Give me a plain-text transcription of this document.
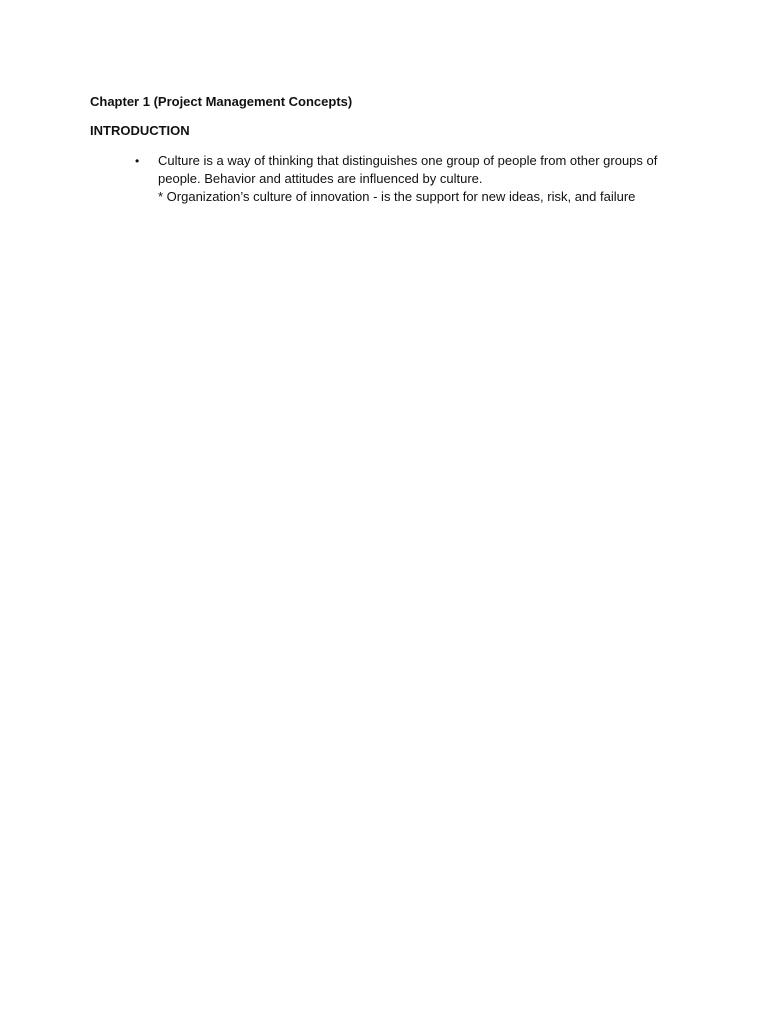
Chapter 1 (Project Management Concepts)
INTRODUCTION
• Culture is a way of thinking that distinguishes one group of people from other groups of
people. Behavior and attitudes are influenced by culture.
* Organization’s culture of innovation - is the support for new ideas, risk, and failure
